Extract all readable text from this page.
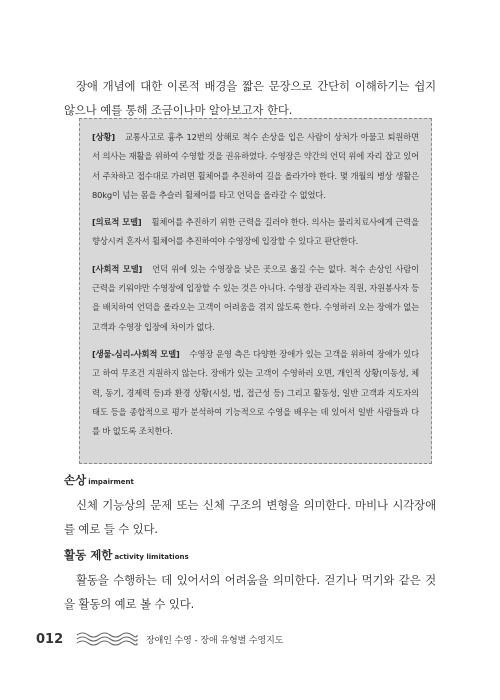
장애 개념에 대한 이론적 배경을 짧은 문장으로 간단히 이해하기는 쉽지 않으나 예를 통해 조금이나마 알아보고자 한다.

[상황] 교통사고로 흉추 12번의 상해로 척수 손상을 입은 사람이 상처가 아물고 퇴원하면서 의사는 재활을 위하여 수영할 것을 권유하였다. 수영장은 약간의 언덕 위에 자리 잡고 있어서 주차하고 접수대로 가려면 휠체어를 추진하여 길을 올라가야 한다. 몇 개월의 병상 생활은 80kg이 넘는 몸을 추슬러 휠체어를 타고 언덕을 올라갈 수 없었다.

[의료적 모델] 휠체어를 추진하기 위한 근력을 길러야 한다. 의사는 물리치료사에게 근력을 향상시켜 혼자서 휠체어를 추진하여야 수영장에 입장할 수 있다고 판단한다.

[사회적 모델] 언덕 위에 있는 수영장을 낮은 곳으로 옮길 수는 없다. 척수 손상인 사람이 근력을 키워야만 수영장에 입장할 수 있는 것은 아니다. 수영장 관리자는 직원, 자원봉사자 등을 배치하여 언덕을 올라오는 고객이 어려움을 겪지 않도록 한다. 수영하러 오는 장애가 없는 고객과 수영장 입장에 차이가 없다.

[생물-심리-사회적 모델] 수영장 운영 측은 다양한 장애가 있는 고객을 위하여 장애가 있다고 하여 무조건 지원하지 않는다. 장애가 있는 고객이 수영하러 오면, 개인적 상황(이동성, 체력, 동기, 경제력 등)과 환경 상황(시설, 법, 접근성 등) 그리고 활동성, 일반 고객과 지도자의 태도 등을 종합적으로 평가 분석하여 기능적으로 수영을 배우는 데 있어서 일반 사람들과 다를 바 없도록 조치한다.

손상 impairment

신체 기능상의 문제 또는 신체 구조의 변형을 의미한다. 마비나 시각장애를 예로 들 수 있다.

활동 제한 activity limitations

활동을 수행하는 데 있어서의 어려움을 의미한다. 걷기나 먹기와 같은 것을 활동의 예로 볼 수 있다.

012	장애인 수영 - 장애 유형별 수영지도
